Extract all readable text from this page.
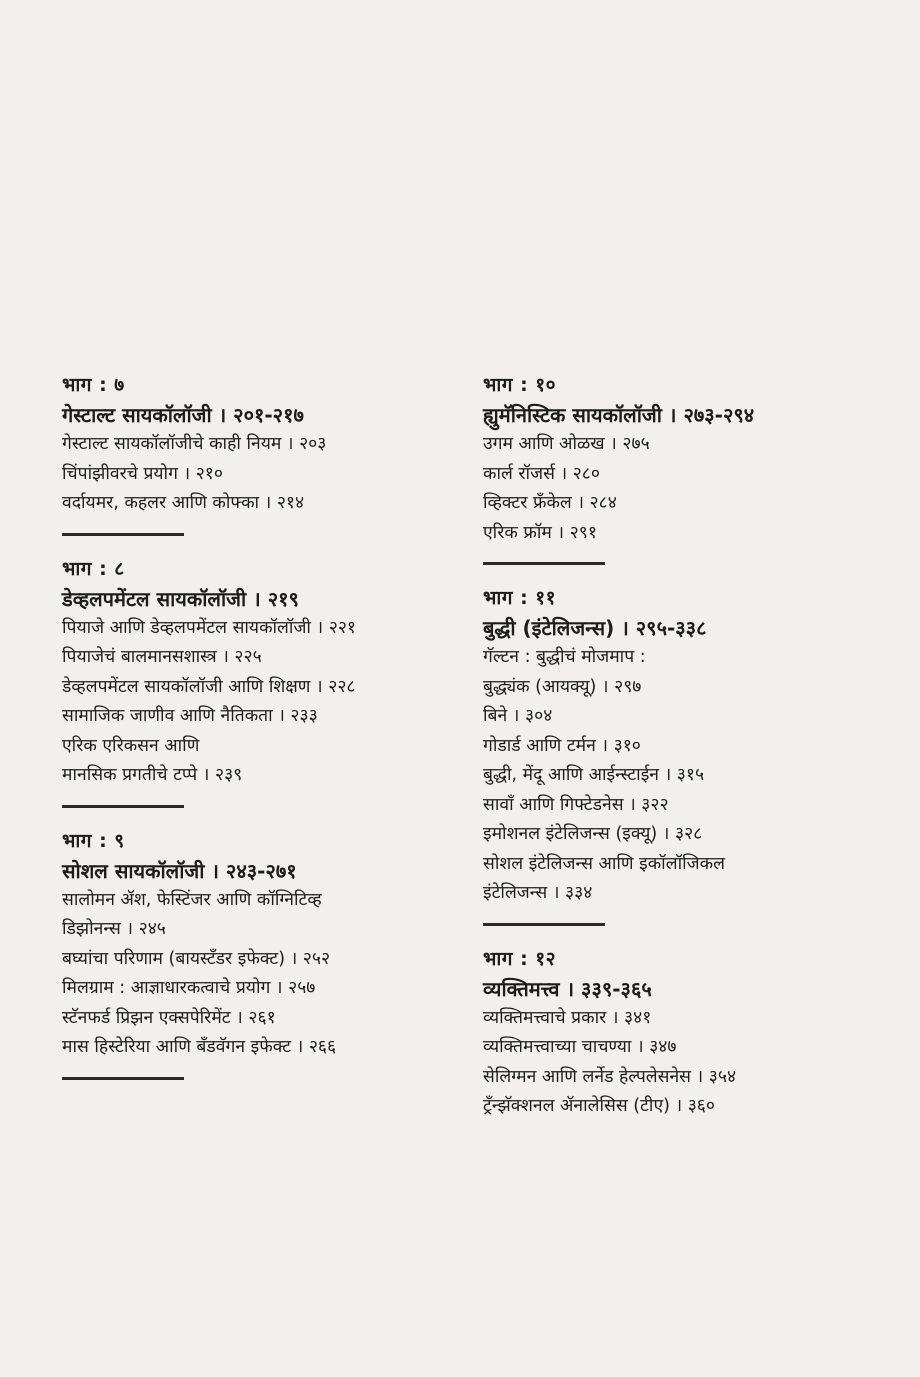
भाग : ७
गेस्टाल्ट सायकॉलॉजी । २०१-२१७
गेस्टाल्ट सायकॉलॉजीचे काही नियम । २०३
चिंपांझीवरचे प्रयोग । २१०
वर्दायमर, कहलर आणि कोफ्का । २१४
भाग : ८
डेव्हलपमेंटल सायकॉलॉजी । २१९
पियाजे आणि डेव्हलपमेंटल सायकॉलॉजी । २२१
पियाजेचं बालमानसशास्त्र । २२५
डेव्हलपमेंटल सायकॉलॉजी आणि शिक्षण । २२८
सामाजिक जाणीव आणि नैतिकता । २३३
एरिक एरिकसन आणि
मानसिक प्रगतीचे टप्पे । २३९
भाग : ९
सोशल सायकॉलॉजी । २४३-२७१
सालोमन ॲश, फेस्टिंजर आणि कॉग्निटिव्ह
डिझोनन्स । २४५
बघ्यांचा परिणाम (बायस्टँडर इफेक्ट) । २५२
मिलग्राम : आज्ञाधारकत्वाचे प्रयोग । २५७
स्टॅनफर्ड प्रिझन एक्सपेरिमेंट । २६१
मास हिस्टेरिया आणि बँडवॅगन इफेक्ट । २६६
भाग : १०
ह्युमॅनिस्टिक सायकॉलॉजी । २७३-२९४
उगम आणि ओळख । २७५
कार्ल रॉजर्स । २८०
व्हिक्टर फ्रँकेल । २८४
एरिक फ्रॉम । २९१
भाग : ११
बुद्धी (इंटेलिजन्स) । २९५-३३८
गॅल्टन : बुद्धीचं मोजमाप :
बुद्ध्यंक (आयक्यू) । २९७
बिने । ३०४
गोडार्ड आणि टर्मन । ३१०
बुद्धी, मेंदू आणि आईन्स्टाईन । ३१५
सावाँ आणि गिफ्टेडनेस । ३२२
इमोशनल इंटेलिजन्स (इक्यू) । ३२८
सोशल इंटेलिजन्स आणि इकॉलॉजिकल
इंटेलिजन्स । ३३४
भाग : १२
व्यक्तिमत्त्व । ३३९-३६५
व्यक्तिमत्त्वाचे प्रकार । ३४१
व्यक्तिमत्त्वाच्या चाचण्या । ३४७
सेलिग्मन आणि लर्नेड हेल्पलेसनेस । ३५४
ट्रँन्झॅक्शनल ॲनालेसिस (टीए) । ३६०
